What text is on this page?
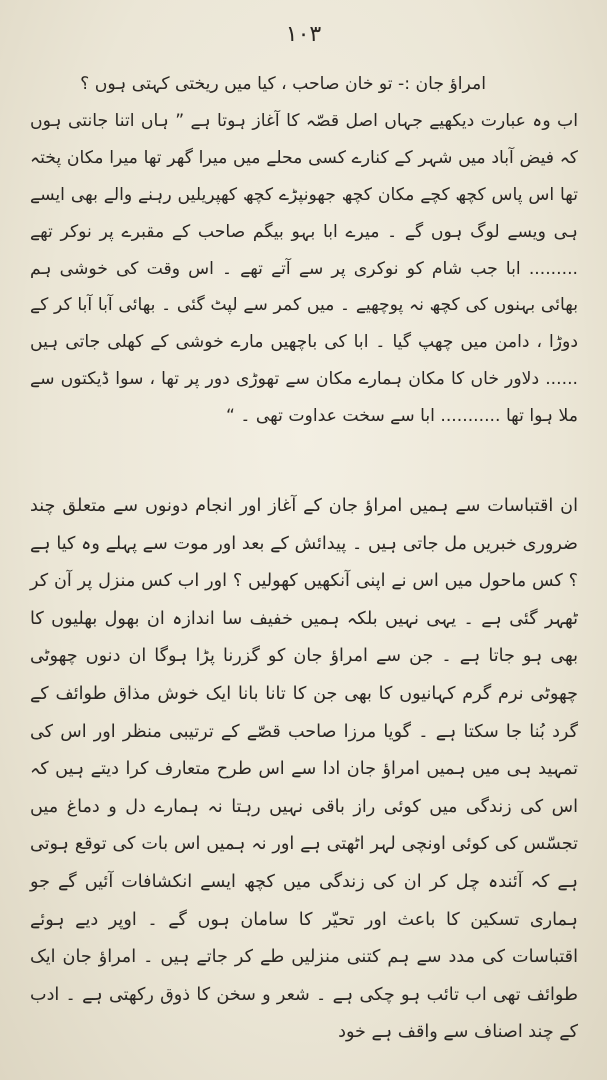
۱۰۳

امراؤ جان :- تو خان صاحب ، کیا میں ریختی کہتی ہوں ؟

اب وہ عبارت دیکھیے جہاں اصل قصّہ کا آغاز ہوتا ہے ” ہاں اتنا جانتی ہوں کہ فیض آباد میں شہر کے کنارے کسی محلے میں میرا گھر تھا میرا مکان پختہ تھا اس پاس کچھ کچے مکان کچھ جھونپڑے کچھ کھپریلیں رہنے والے بھی ایسے ہی ویسے لوگ ہوں گے ۔ میرے ابا بہو بیگم صاحب کے مقبرے پر نوکر تھے ......... ابا جب شام کو نوکری پر سے آتے تھے ۔ اس وقت کی خوشی ہم بھائی بہنوں کی کچھ نہ پوچھیے ۔ میں کمر سے لپٹ گئی ۔ بھائی آبا آبا کر کے دوڑا ، دامن میں چھپ گیا ۔ ابا کی باچھیں مارے خوشی کے کھلی جاتی ہیں ...... دلاور خاں کا مکان ہمارے مکان سے تھوڑی دور پر تھا ، سوا ڈیکتوں سے ملا ہوا تھا ........... ابا سے سخت عداوت تھی ۔ “

ان اقتباسات سے ہمیں امراؤ جان کے آغاز اور انجام دونوں سے متعلق چند ضروری خبریں مل جاتی ہیں ۔ پیدائش کے بعد اور موت سے پہلے وہ کیا ہے ؟ کس ماحول میں اس نے اپنی آنکھیں کھولیں ؟ اور اب کس منزل پر آن کر ٹھہر گئی ہے ۔ یہی نہیں بلکہ ہمیں خفیف سا اندازہ ان بھول بھلیوں کا بھی ہو جاتا ہے ۔ جن سے امراؤ جان کو گزرنا پڑا ہوگا ان دنوں چھوٹی چھوٹی نرم گرم کہانیوں کا بھی جن کا تانا بانا ایک خوش مذاق طوائف کے گرد بُنا جا سکتا ہے ۔ گویا مرزا صاحب قصّے کے ترتیبی منظر اور اس کی تمہید ہی میں ہمیں امراؤ جان ادا سے اس طرح متعارف کرا دیتے ہیں کہ اس کی زندگی میں کوئی راز باقی نہیں رہتا نہ ہمارے دل و دماغ میں تجسّس کی کوئی اونچی لہر اٹھتی ہے اور نہ ہمیں اس بات کی توقع ہوتی ہے کہ آئندہ چل کر ان کی زندگی میں کچھ ایسے انکشافات آئیں گے جو ہماری تسکین کا باعث اور تحیّر کا سامان ہوں گے ۔ اوپر دیے ہوئے اقتباسات کی مدد سے ہم کتنی منزلیں طے کر جاتے ہیں ۔ امراؤ جان ایک طوائف تھی اب تائب ہو چکی ہے ۔ شعر و سخن کا ذوق رکھتی ہے ۔ ادب کے چند اصناف سے واقف ہے خود
